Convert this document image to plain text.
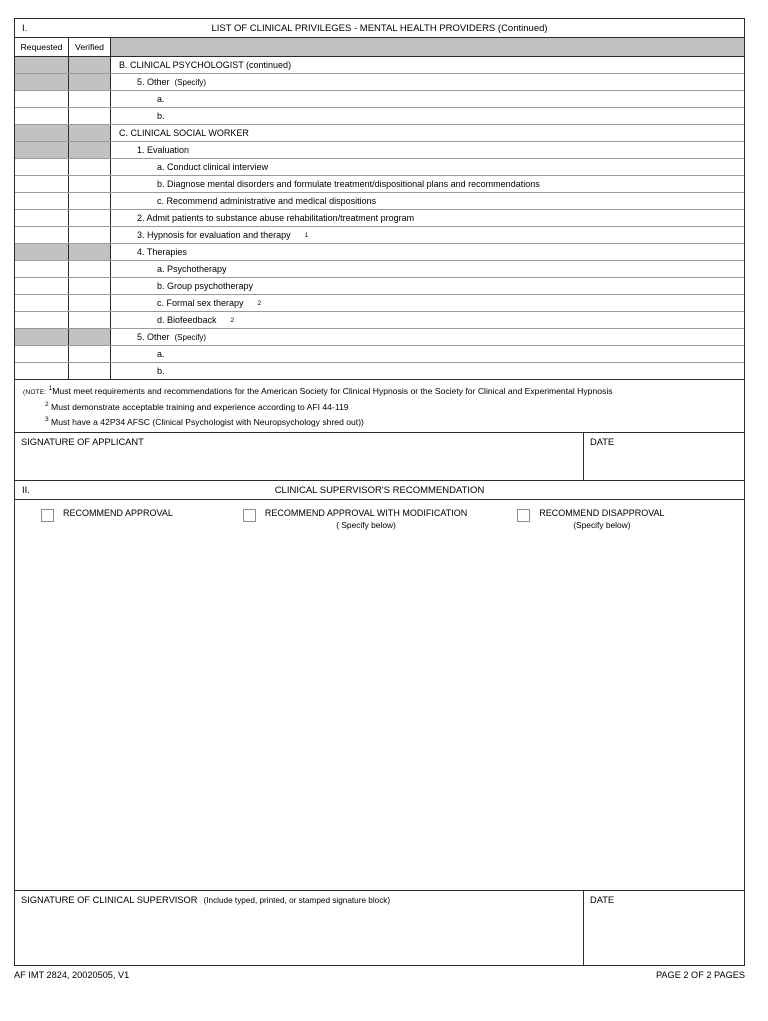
I.	LIST OF CLINICAL PRIVILEGES - MENTAL HEALTH PROVIDERS (Continued)
Requested	Verified
B. CLINICAL PSYCHOLOGIST (continued)
5. Other (Specify)
a.
b.
C. CLINICAL SOCIAL WORKER
1. Evaluation
a. Conduct clinical interview
b. Diagnose mental disorders and formulate treatment/dispositional plans and recommendations
c. Recommend administrative and medical dispositions
2. Admit patients to substance abuse rehabilitation/treatment program
3. Hypnosis for evaluation and therapy 1
4. Therapies
a. Psychotherapy
b. Group psychotherapy
c. Formal sex therapy 2
d. Biofeedback 2
5. Other (Specify)
a.
b.
(NOTE: $^1$Must meet requirements and recommendations for the American Society for Clinical Hypnosis or the Society for Clinical and Experimental Hypnosis
$^2$ Must demonstrate acceptable training and experience according to AFI 44-119
$^3$ Must have a 42P34 AFSC (Clinical Psychologist with Neuropsychology shred out))
SIGNATURE OF APPLICANT	DATE
II.	CLINICAL SUPERVISOR'S RECOMMENDATION
RECOMMEND APPROVAL	RECOMMEND APPROVAL WITH MODIFICATION
( Specify below)
RECOMMEND DISAPPROVAL
(Specify below)
SIGNATURE OF CLINICAL SUPERVISOR (Include typed, printed, or stamped signature block)	DATE
AF IMT 2824, 20020505, V1	PAGE 2 OF 2 PAGES
